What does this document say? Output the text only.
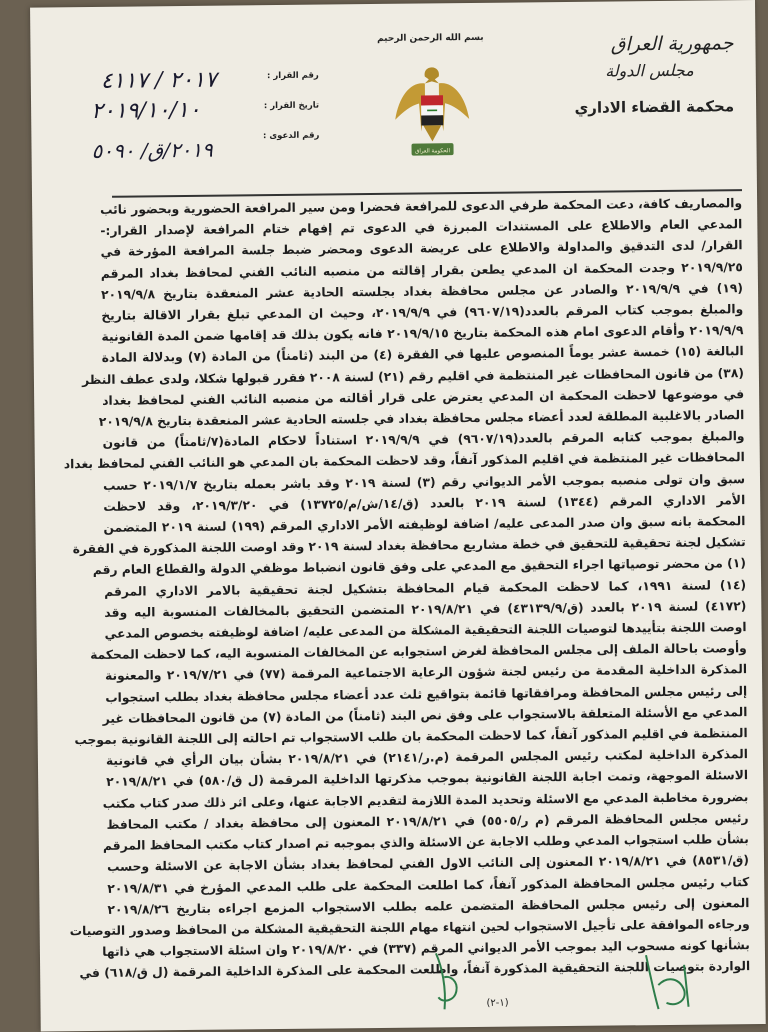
بسم الله الرحمن الرحيم	جمهورية العراق
مجلس الدولة
محكمة القضاء الاداري
الحكومة العراق
رقم القرار :
تاريخ القرار :
رقم الدعوى :
٢٠١٧ / ٤١١٧
٢٠١٩/١٠/١٠
٢٠١٩/ق/ ٥٠٩٠
والمصاريف كافة، دعت المحكمة طرفي الدعوى للمرافعة فحضرا ومن سير المرافعة الحضورية وبحضور نائب
المدعي العام والاطلاع على المستندات المبرزة في الدعوى تم إفهام ختام المرافعة لإصدار القرار:-
القرار/ لدى التدقيق والمداولة والاطلاع على عريضة الدعوى ومحضر ضبط جلسة المرافعة المؤرخة في
٢٠١٩/٩/٢٥ وجدت المحكمة ان المدعي يطعن بقرار إقالته من منصبه النائب الفني لمحافظ بغداد المرقم
(١٩) في ٢٠١٩/٩/٩ والصادر عن مجلس محافظة بغداد بجلسته الحادية عشر المنعقدة بتاريخ ٢٠١٩/٩/٨
والمبلغ بموجب كتاب المرقم بالعدد(٩٦٠٧/١٩) في ٢٠١٩/٩/٩، وحيث ان المدعي تبلغ بقرار الاقالة بتاريخ
٢٠١٩/٩/٩ وأقام الدعوى امام هذه المحكمة بتاريخ ٢٠١٩/٩/١٥ فانه يكون بذلك قد إقامها ضمن المدة القانونية
البالغة (١٥) خمسة عشر يوماً المنصوص عليها في الفقرة (٤) من البند (ثامناً) من المادة (٧) وبدلالة المادة
(٣٨) من قانون المحافظات غير المنتظمة في اقليم رقم (٢١) لسنة ٢٠٠٨ فقرر قبولها شكلا، ولدى عطف النظر
في موضوعها لاحظت المحكمة ان المدعي يعترض على قرار أقالته من منصبه النائب الفني لمحافظ بغداد
الصادر بالاغلبية المطلقة لعدد أعضاء مجلس محافظة بغداد في جلسته الحادية عشر المنعقدة بتاريخ ٢٠١٩/٩/٨
والمبلغ بموجب كتابه المرقم بالعدد(٩٦٠٧/١٩) في ٢٠١٩/٩/٩ استناداً لاحكام المادة(٧/ثامناً) من قانون
المحافظات غير المنتظمة في اقليم المذكور آنفاً، وقد لاحظت المحكمة بان المدعي هو النائب الفني لمحافظ بغداد
سبق وان تولى منصبه بموجب الأمر الديواني رقم (٣) لسنة ٢٠١٩ وقد باشر بعمله بتاريخ ٢٠١٩/١/٧ حسب
الأمر الاداري المرقم (١٣٤٤) لسنة ٢٠١٩ بالعدد (ق/١٤/ش/م/١٣٧٢٥) في ٢٠١٩/٣/٢٠، وقد لاحظت
المحكمة بانه سبق وان صدر المدعى عليه/ اضافة لوظيفته الأمر الاداري المرقم (١٩٩) لسنة ٢٠١٩ المتضمن
تشكيل لجنة تحقيقية للتحقيق في خطة مشاريع محافظة بغداد لسنة ٢٠١٩ وقد اوصت اللجنة المذكورة في الفقرة
(١) من محضر توصياتها اجراء التحقيق مع المدعي على وفق قانون انضباط موظفي الدولة والقطاع العام رقم
(١٤) لسنة ١٩٩١، كما لاحظت المحكمة قيام المحافظة بتشكيل لجنة تحقيقية بالامر الاداري المرقم
(٤١٧٢) لسنة ٢٠١٩ بالعدد (ق/٤٣١٣٩/٩) في ٢٠١٩/٨/٢١ المتضمن التحقيق بالمخالفات المنسوبة اليه وقد
اوصت اللجنة بتأييدها لتوصيات اللجنة التحقيقية المشكلة من المدعى عليه/ اضافة لوظيفته بخصوص المدعي
وأوصت باحالة الملف إلى مجلس المحافظة لغرض استجوابه عن المخالفات المنسوبة اليه، كما لاحظت المحكمة
المذكرة الداخلية المقدمة من رئيس لجنة شؤون الرعاية الاجتماعية المرقمة (٧٧) في ٢٠١٩/٧/٢١ والمعنونة
إلى رئيس مجلس المحافظة ومرافقاتها قائمة بتواقيع ثلث عدد أعضاء مجلس محافظة بغداد بطلب استجواب
المدعي مع الأسئلة المتعلقة بالاستجواب على وفق نص البند (ثامناً) من المادة (٧) من قانون المحافظات غير
المنتظمة في اقليم المذكور آنفاً، كما لاحظت المحكمة بان طلب الاستجواب تم احالته إلى اللجنة القانونية بموجب
المذكرة الداخلية لمكتب رئيس المجلس المرقمة (م.ر/٢١٤١) في ٢٠١٩/٨/٢١ بشأن بيان الرأي في قانونية
الاسئلة الموجهة، وتمت اجابة اللجنة القانونية بموجب مذكرتها الداخلية المرقمة (ل ق/٥٨٠) في ٢٠١٩/٨/٢١
بضرورة مخاطبة المدعي مع الاسئلة وتحديد المدة اللازمة لتقديم الاجابة عنها، وعلى اثر ذلك صدر كتاب مكتب
رئيس مجلس المحافظة المرقم (م ر/٥٥٠٥) في ٢٠١٩/٨/٢١ المعنون إلى محافظة بغداد / مكتب المحافظ
بشأن طلب استجواب المدعي وطلب الاجابة عن الاسئلة والذي بموجبه تم اصدار كتاب مكتب المحافظ المرقم
(ق/٨٥٣١) في ٢٠١٩/٨/٢١ المعنون إلى النائب الاول الفني لمحافظ بغداد بشأن الاجابة عن الاسئلة وحسب
كتاب رئيس مجلس المحافظة المذكور آنفاً، كما اطلعت المحكمة على طلب المدعي المؤرخ في ٢٠١٩/٨/٣١
المعنون إلى رئيس مجلس المحافظة المتضمن علمه بطلب الاستجواب المزمع اجراءه بتاريخ ٢٠١٩/٨/٢٦
ورجاءه الموافقة على تأجيل الاستجواب لحين انتهاء مهام اللجنة التحقيقية المشكلة من المحافظ وصدور التوصيات
بشأنها كونه مسحوب اليد بموجب الأمر الديواني المرقم (٣٣٧) في ٢٠١٩/٨/٢٠ وان اسئلة الاستجواب هي ذاتها
الواردة بتوصيات اللجنة التحقيقية المذكورة آنفاً، واطلعت المحكمة على المذكرة الداخلية المرقمة (ل ق/٦١٨) في
(١-٢)
